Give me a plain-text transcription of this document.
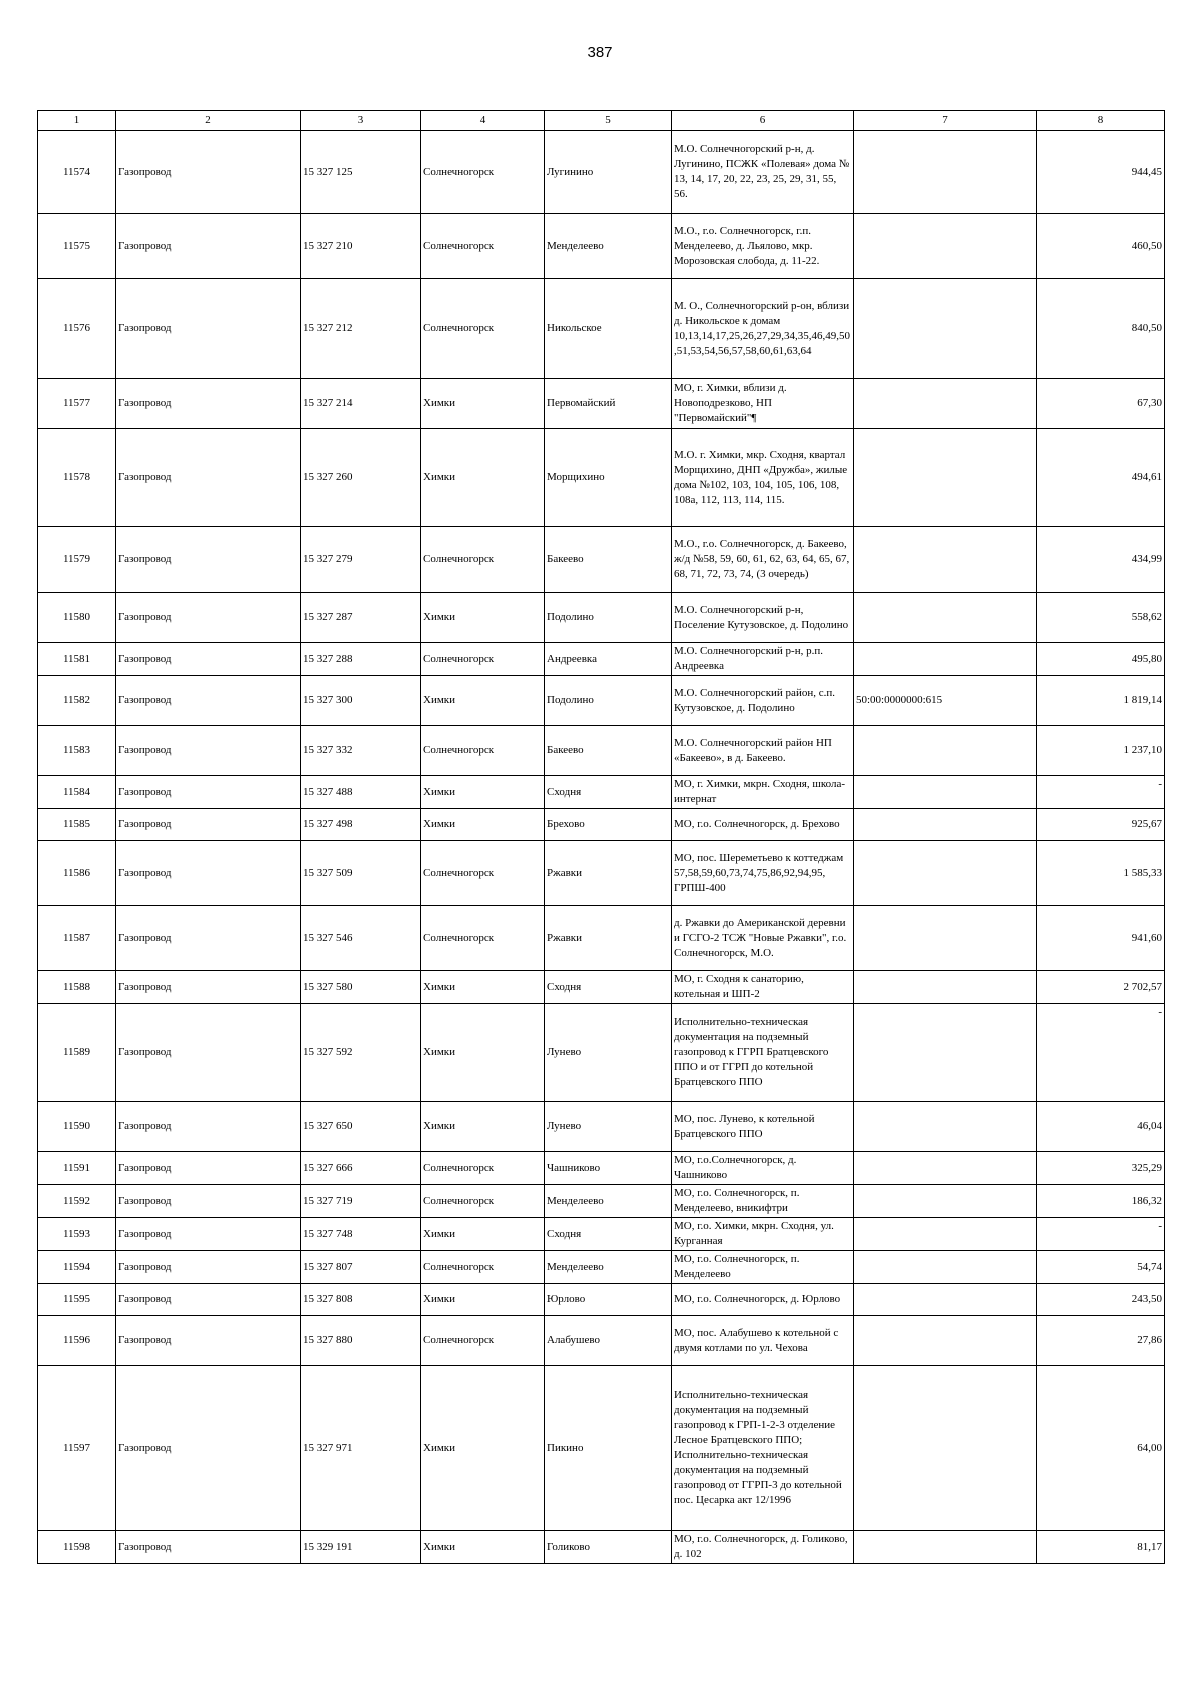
387
1	2	3	4	5	6	7	8
11574	Газопровод	15 327 125	Солнечногорск	Лугинино	М.О. Солнечногорский р-н, д. Лугинино, ПСЖК «Полевая» дома № 13, 14, 17, 20, 22, 23, 25, 29, 31, 55, 56.		944,45
11575	Газопровод	15 327 210	Солнечногорск	Менделеево	М.О., г.о. Солнечногорск, г.п. Менделеево, д. Льялово, мкр. Морозовская слобода, д. 11-22.		460,50
11576	Газопровод	15 327 212	Солнечногорск	Никольское	М. О., Солнечногорский р-он, вблизи д. Никольское к домам 10,13,14,17,25,26,27,29,34,35,46,49,50,51,53,54,56,57,58,60,61,63,64		840,50
11577	Газопровод	15 327 214	Химки	Первомайский	МО, г. Химки, вблизи д. Новоподрезково, НП "Первомайский"¶		67,30
11578	Газопровод	15 327 260	Химки	Морщихино	М.О. г. Химки, мкр. Сходня, квартал Морщихино, ДНП «Дружба», жилые дома №102, 103, 104, 105, 106, 108, 108а, 112, 113, 114, 115.		494,61
11579	Газопровод	15 327 279	Солнечногорск	Бакеево	М.О., г.о. Солнечногорск, д. Бакеево, ж/д №58, 59, 60, 61, 62, 63, 64, 65, 67, 68, 71, 72, 73, 74, (3 очередь)		434,99
11580	Газопровод	15 327 287	Химки	Подолино	М.О. Солнечногорский р-н, Поселение Кутузовское, д. Подолино		558,62
11581	Газопровод	15 327 288	Солнечногорск	Андреевка	М.О. Солнечногорский р-н, р.п. Андреевка		495,80
11582	Газопровод	15 327 300	Химки	Подолино	М.О. Солнечногорский район, с.п. Кутузовское, д. Подолино	50:00:0000000:615	1 819,14
11583	Газопровод	15 327 332	Солнечногорск	Бакеево	М.О. Солнечногорский район НП «Бакеево», в д. Бакеево.		1 237,10
11584	Газопровод	15 327 488	Химки	Сходня	МО, г. Химки, мкрн. Сходня, школа-интернат		-
11585	Газопровод	15 327 498	Химки	Брехово	МО, г.о. Солнечногорск, д. Брехово		925,67
11586	Газопровод	15 327 509	Солнечногорск	Ржавки	МО, пос. Шереметьево к коттеджам 57,58,59,60,73,74,75,86,92,94,95, ГРПШ-400		1 585,33
11587	Газопровод	15 327 546	Солнечногорск	Ржавки	д. Ржавки до Американской деревни и ГСГО-2 ТСЖ "Новые Ржавки", г.о. Солнечногорск, М.О.		941,60
11588	Газопровод	15 327 580	Химки	Сходня	МО, г. Сходня к санаторию, котельная и ШП-2		2 702,57
11589	Газопровод	15 327 592	Химки	Лунево	Исполнительно-техническая документация на подземный газопровод к ГГРП Братцевского ППО и от ГГРП до котельной Братцевского ППО		-
11590	Газопровод	15 327 650	Химки	Лунево	МО, пос. Лунево, к котельной Братцевского ППО		46,04
11591	Газопровод	15 327 666	Солнечногорск	Чашниково	МО, г.о.Солнечногорск, д. Чашниково		325,29
11592	Газопровод	15 327 719	Солнечногорск	Менделеево	МО, г.о. Солнечногорск, п. Менделеево, вникифтри		186,32
11593	Газопровод	15 327 748	Химки	Сходня	МО, г.о. Химки, мкрн. Сходня, ул. Курганная		-
11594	Газопровод	15 327 807	Солнечногорск	Менделеево	МО, г.о. Солнечногорск, п. Менделеево		54,74
11595	Газопровод	15 327 808	Химки	Юрлово	МО, г.о. Солнечногорск, д. Юрлово		243,50
11596	Газопровод	15 327 880	Солнечногорск	Алабушево	МО, пос. Алабушево к котельной с двумя котлами по ул. Чехова		27,86
11597	Газопровод	15 327 971	Химки	Пикино	Исполнительно-техническая документация на подземный газопровод к ГРП-1-2-3 отделение Лесное Братцевского ППО; Исполнительно-техническая документация на подземный газопровод от ГГРП-3 до котельной пос. Цесарка акт 12/1996		64,00
11598	Газопровод	15 329 191	Химки	Голиково	МО, г.о. Солнечногорск, д. Голиково, д. 102		81,17
